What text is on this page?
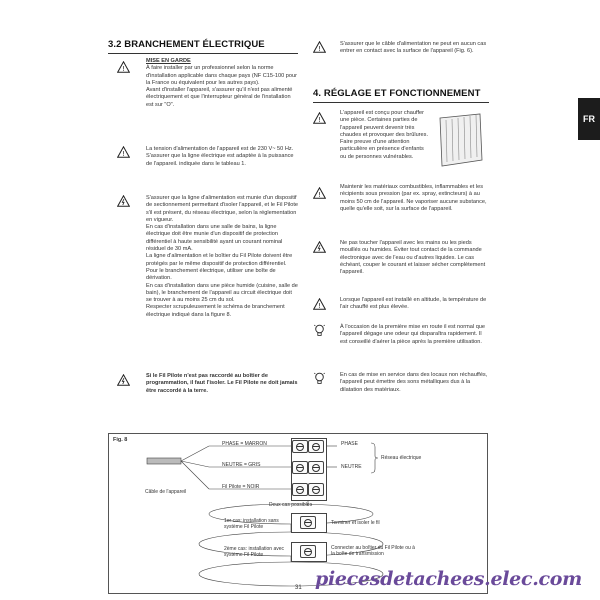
3.2 BRANCHEMENT ÉLECTRIQUE
!

MISE EN GARDE

À faire installer par un professionnel selon la norme d'installation applicable dans chaque pays (NF C15-100 pour la France ou équivalent pour les autres pays).

Avant d'installer l'appareil, s'assurer qu'il n'est pas alimenté électriquement et que l'interrupteur général de l'installation est sur "O".

!

La tension d'alimentation de l'appareil est de 230 V~ 50 Hz. S'assurer que la ligne électrique est adaptée à la puissance de l'appareil. indiquée dans le tableau 1.

S'assurer que la ligne d'alimentation est munie d'un dispositif de sectionnement permettant d'isoler l'appareil, et le Fil Pilote s'il est présent, du réseau électrique, selon la réglementation en vigueur.

En cas d'installation dans une salle de bains, la ligne électrique doit être munie d'un dispositif de protection différentiel à haute sensibilité ayant un courant nominal résiduel de 30 mA.

La ligne d'alimentation et le boîtier du Fil Pilote doivent être protégés par le même dispositif de protection différentiel.

Pour le branchement électrique, utiliser une boîte de dérivation.

En cas d'installation dans une pièce humide (cuisine, salle de bain), le branchement de l'appareil au circuit électrique doit se trouver à au moins 25 cm du sol.

Respecter scrupuleusement le schéma de branchement électrique indiqué dans la figure 8.

Si le Fil Pilote n'est pas raccordé au boîtier de programmation, il faut l'isoler. Le Fil Pilote ne doit jamais être raccordé à la terre.
!
S'assurer que le câble d'alimentation ne peut en aucun cas entrer en contact avec la surface de l'appareil (Fig. 6).
4. RÉGLAGE ET FONCTIONNEMENT
FR
!
L'appareil est conçu pour chauffer une pièce. Certaines parties de l'appareil peuvent devenir très chaudes et provoquer des brûlures. Faire preuve d'une attention particulière en présence d'enfants ou de personnes vulnérables.
!
Maintenir les matériaux combustibles, inflammables et les récipients sous pression (par ex. spray, extincteurs) à au moins 50 cm de l'appareil. Ne vaporiser aucune substance, quelle qu'elle soit, sur la surface de l'appareil.
Ne pas toucher l'appareil avec les mains ou les pieds mouillés ou humides. Éviter tout contact de la commande électronique avec de l'eau ou d'autres liquides. Le cas échéant, couper le courant et laisser sécher complètement l'appareil.
!
Lorsque l'appareil est installé en altitude, la température de l'air chauffé est plus élevée.
À l'occasion de la première mise en route il est normal que l'appareil dégage une odeur qui disparaîtra rapidement. Il est conseillé d'aérer la pièce après la première utilisation.
En cas de mise en service dans des locaux non réchauffés, l'appareil peut émettre des sons métalliques dus à la dilatation des matériaux.
Fig. 8
PHASE = MARRON
NEUTRE = GRIS
Fil Pilote = NOIR
PHASE
NEUTRE
Réseau électrique
Câble de l'appareil
Deux cas possibles
1er cas: installation sans système Fil Pilote
Terminer et isoler le fil
2ème cas: installation avec système Fil Pilote
Connecter au boîtier du Fil Pilote ou à la boîte de transmission
31 piecesdetachees.elec.com
